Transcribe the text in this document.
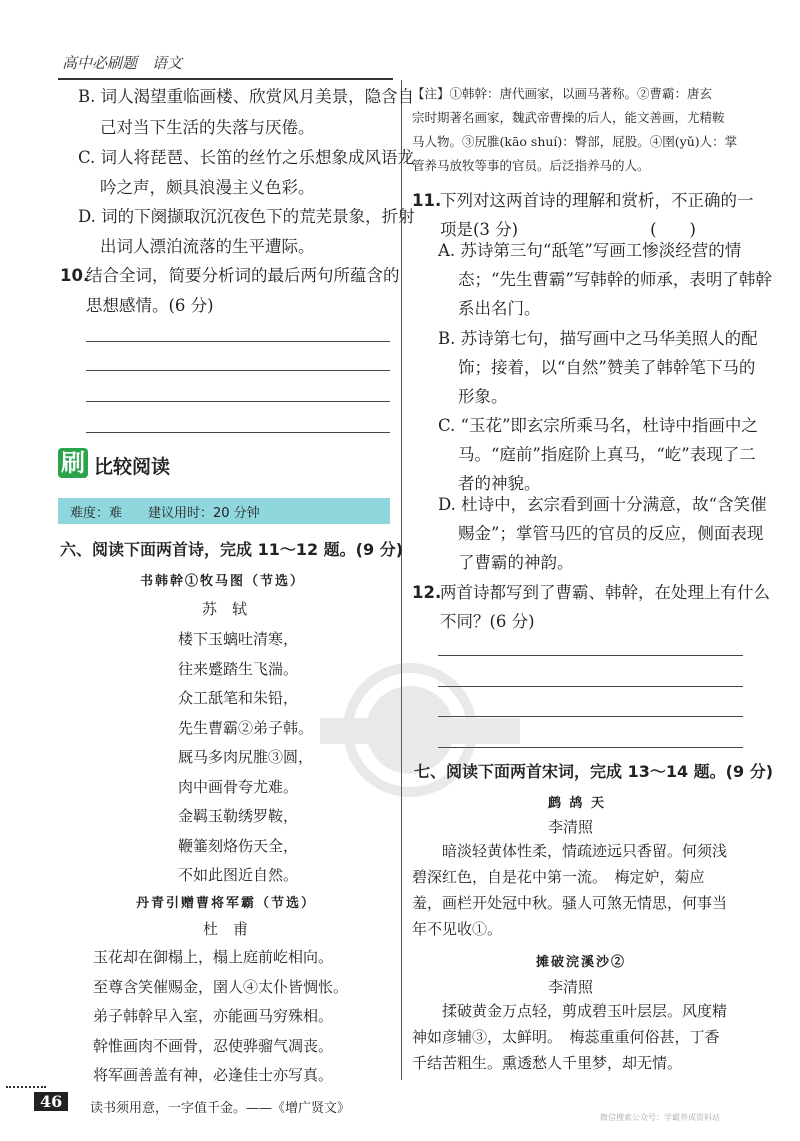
高中必刷题　语文
B. 词人渴望重临画楼、欣赏风月美景，隐含自
己对当下生活的失落与厌倦。
C. 词人将琵琶、长笛的丝竹之乐想象成风语龙
吟之声，颇具浪漫主义色彩。
D. 词的下阕撷取沉沉夜色下的荒芜景象，折射
出词人漂泊流落的生平遭际。
10.
结合全词，简要分析词的最后两句所蕴含的
思想感情。(6 分)
刷 比较阅读
难度：难　　建议用时：20 分钟
六、阅读下面两首诗，完成 11～12 题。(9 分)
书韩幹①牧马图（节选）
苏　轼
楼下玉螭吐清寒，
往来蹙踏生飞湍。
众工舐笔和朱铅，
先生曹霸②弟子韩。
厩马多肉尻脽③圆，
肉中画骨夸尤难。
金羁玉勒绣罗鞍，
鞭箠刻烙伤天全，
不如此图近自然。
丹青引赠曹将军霸（节选）
杜　甫
玉花却在御榻上，榻上庭前屹相向。
至尊含笑催赐金，圉人④太仆皆惆怅。
弟子韩幹早入室，亦能画马穷殊相。
幹惟画肉不画骨，忍使骅骝气凋丧。
将军画善盖有神，必逢佳士亦写真。
【注】①韩幹：唐代画家，以画马著称。②曹霸：唐玄
宗时期著名画家，魏武帝曹操的后人，能文善画，尤精鞍
马人物。③尻脽(kāo shuí)：臀部，屁股。④圉(yǔ)人：掌
管养马放牧等事的官员。后泛指养马的人。
11.
下列对这两首诗的理解和赏析，不正确的一
项是(3 分)　　　　　　　　(　　)
A. 苏诗第三句“舐笔”写画工惨淡经营的情
态；“先生曹霸”写韩幹的师承，表明了韩幹
系出名门。
B. 苏诗第七句，描写画中之马华美照人的配
饰；接着，以“自然”赞美了韩幹笔下马的
形象。
C. “玉花”即玄宗所乘马名，杜诗中指画中之
马。“庭前”指庭阶上真马，“屹”表现了二
者的神貌。
D. 杜诗中，玄宗看到画十分满意，故“含笑催
赐金”；掌管马匹的官员的反应，侧面表现
了曹霸的神韵。
12.
两首诗都写到了曹霸、韩幹，在处理上有什么
不同？(6 分)
七、阅读下面两首宋词，完成 13～14 题。(9 分)
鹧 鸪 天
李清照
　　暗淡轻黄体性柔，情疏迹远只香留。何须浅
碧深红色，自是花中第一流。　梅定妒，菊应
羞，画栏开处冠中秋。骚人可煞无情思，何事当
年不见收①。
摊破浣溪沙②
李清照
　　揉破黄金万点轻，剪成碧玉叶层层。风度精
神如彦辅③，太鲜明。　梅蕊重重何俗甚，丁香
千结苦粗生。熏透愁人千里梦，却无情。
46	读书须用意，一字值千金。——《增广贤文》
微信搜索公众号：学霸养成资料站
